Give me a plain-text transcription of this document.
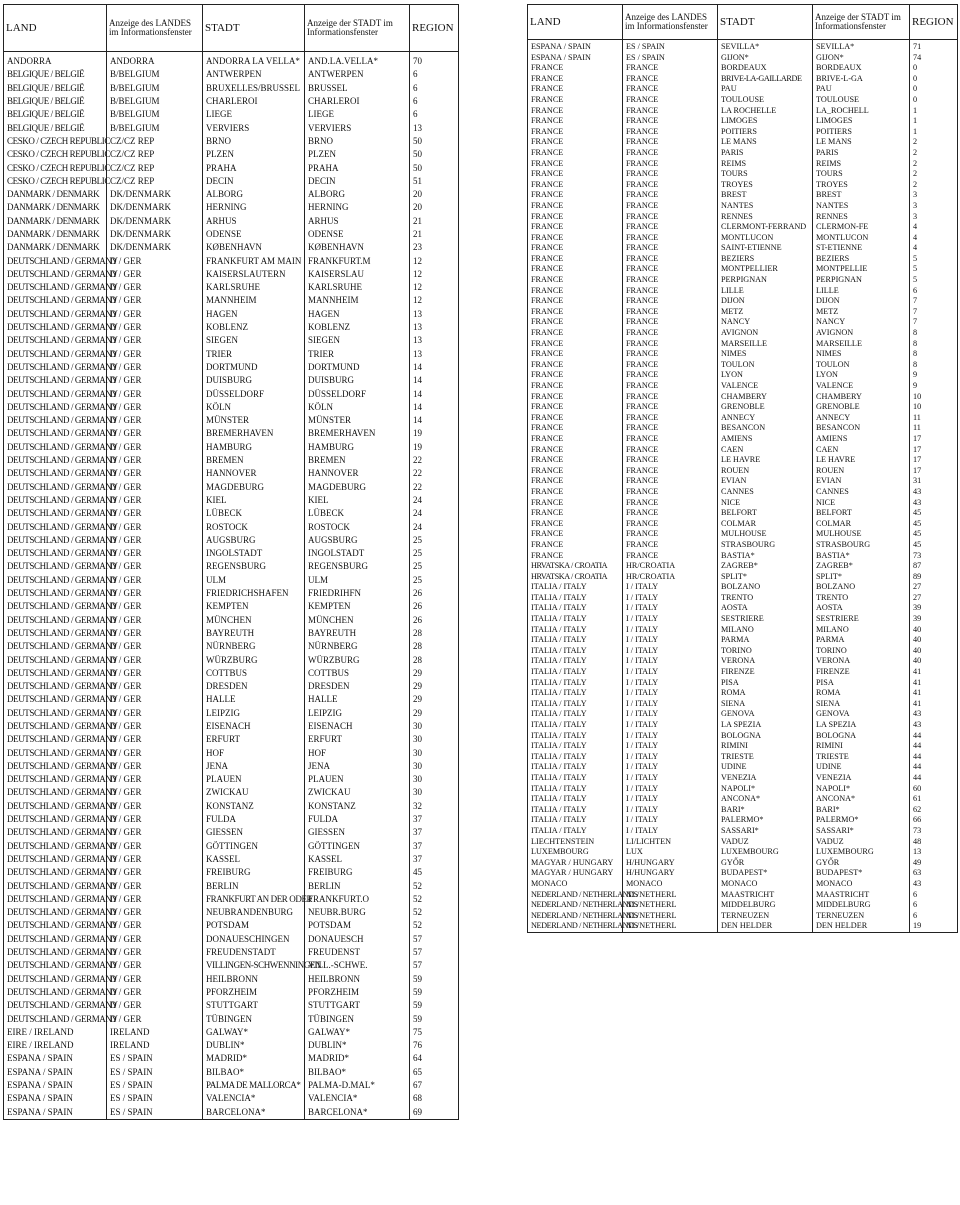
LAND	Anzeige des LANDES im Informationsfenster	STADT	Anzeige der STADT im Informationsfenster	REGION
ANDORRA	ANDORRA	ANDORRA LA VELLA*	AND.LA.VELLA*	70
BELGIQUE / BELGIË	B/BELGIUM	ANTWERPEN	ANTWERPEN	6
BELGIQUE / BELGIË	B/BELGIUM	BRUXELLES/BRUSSEL	BRUSSEL	6
BELGIQUE / BELGIË	B/BELGIUM	CHARLEROI	CHARLEROI	6
BELGIQUE / BELGIË	B/BELGIUM	LIEGE	LIEGE	6
BELGIQUE / BELGIË	B/BELGIUM	VERVIERS	VERVIERS	13
CESKO / CZECH REPUBLIC	CZ/CZ REP	BRNO	BRNO	50
CESKO / CZECH REPUBLIC	CZ/CZ REP	PLZEN	PLZEN	50
CESKO / CZECH REPUBLIC	CZ/CZ REP	PRAHA	PRAHA	50
CESKO / CZECH REPUBLIC	CZ/CZ REP	DECIN	DECIN	51
DANMARK / DENMARK	DK/DENMARK	ALBORG	ALBORG	20
DANMARK / DENMARK	DK/DENMARK	HERNING	HERNING	20
DANMARK / DENMARK	DK/DENMARK	ARHUS	ARHUS	21
DANMARK / DENMARK	DK/DENMARK	ODENSE	ODENSE	21
DANMARK / DENMARK	DK/DENMARK	KØBENHAVN	KØBENHAVN	23
DEUTSCHLAND / GERMANY	D / GER	FRANKFURT AM MAIN	FRANKFURT.M	12
DEUTSCHLAND / GERMANY	D / GER	KAISERSLAUTERN	KAISERSLAU	12
DEUTSCHLAND / GERMANY	D / GER	KARLSRUHE	KARLSRUHE	12
DEUTSCHLAND / GERMANY	D / GER	MANNHEIM	MANNHEIM	12
DEUTSCHLAND / GERMANY	D / GER	HAGEN	HAGEN	13
DEUTSCHLAND / GERMANY	D / GER	KOBLENZ	KOBLENZ	13
DEUTSCHLAND / GERMANY	D / GER	SIEGEN	SIEGEN	13
DEUTSCHLAND / GERMANY	D / GER	TRIER	TRIER	13
DEUTSCHLAND / GERMANY	D / GER	DORTMUND	DORTMUND	14
DEUTSCHLAND / GERMANY	D / GER	DUISBURG	DUISBURG	14
DEUTSCHLAND / GERMANY	D / GER	DÜSSELDORF	DÜSSELDORF	14
DEUTSCHLAND / GERMANY	D / GER	KÖLN	KÖLN	14
DEUTSCHLAND / GERMANY	D / GER	MÜNSTER	MÜNSTER	14
DEUTSCHLAND / GERMANY	D / GER	BREMERHAVEN	BREMERHAVEN	19
DEUTSCHLAND / GERMANY	D / GER	HAMBURG	HAMBURG	19
DEUTSCHLAND / GERMANY	D / GER	BREMEN	BREMEN	22
DEUTSCHLAND / GERMANY	D / GER	HANNOVER	HANNOVER	22
DEUTSCHLAND / GERMANY	D / GER	MAGDEBURG	MAGDEBURG	22
DEUTSCHLAND / GERMANY	D / GER	KIEL	KIEL	24
DEUTSCHLAND / GERMANY	D / GER	LÜBECK	LÜBECK	24
DEUTSCHLAND / GERMANY	D / GER	ROSTOCK	ROSTOCK	24
DEUTSCHLAND / GERMANY	D / GER	AUGSBURG	AUGSBURG	25
DEUTSCHLAND / GERMANY	D / GER	INGOLSTADT	INGOLSTADT	25
DEUTSCHLAND / GERMANY	D / GER	REGENSBURG	REGENSBURG	25
DEUTSCHLAND / GERMANY	D / GER	ULM	ULM	25
DEUTSCHLAND / GERMANY	D / GER	FRIEDRICHSHAFEN	FRIEDRIHFN	26
DEUTSCHLAND / GERMANY	D / GER	KEMPTEN	KEMPTEN	26
DEUTSCHLAND / GERMANY	D / GER	MÜNCHEN	MÜNCHEN	26
DEUTSCHLAND / GERMANY	D / GER	BAYREUTH	BAYREUTH	28
DEUTSCHLAND / GERMANY	D / GER	NÜRNBERG	NÜRNBERG	28
DEUTSCHLAND / GERMANY	D / GER	WÜRZBURG	WÜRZBURG	28
DEUTSCHLAND / GERMANY	D / GER	COTTBUS	COTTBUS	29
DEUTSCHLAND / GERMANY	D / GER	DRESDEN	DRESDEN	29
DEUTSCHLAND / GERMANY	D / GER	HALLE	HALLE	29
DEUTSCHLAND / GERMANY	D / GER	LEIPZIG	LEIPZIG	29
DEUTSCHLAND / GERMANY	D / GER	EISENACH	EISENACH	30
DEUTSCHLAND / GERMANY	D / GER	ERFURT	ERFURT	30
DEUTSCHLAND / GERMANY	D / GER	HOF	HOF	30
DEUTSCHLAND / GERMANY	D / GER	JENA	JENA	30
DEUTSCHLAND / GERMANY	D / GER	PLAUEN	PLAUEN	30
DEUTSCHLAND / GERMANY	D / GER	ZWICKAU	ZWICKAU	30
DEUTSCHLAND / GERMANY	D / GER	KONSTANZ	KONSTANZ	32
DEUTSCHLAND / GERMANY	D / GER	FULDA	FULDA	37
DEUTSCHLAND / GERMANY	D / GER	GIESSEN	GIESSEN	37
DEUTSCHLAND / GERMANY	D / GER	GÖTTINGEN	GÖTTINGEN	37
DEUTSCHLAND / GERMANY	D / GER	KASSEL	KASSEL	37
DEUTSCHLAND / GERMANY	D / GER	FREIBURG	FREIBURG	45
DEUTSCHLAND / GERMANY	D / GER	BERLIN	BERLIN	52
DEUTSCHLAND / GERMANY	D / GER	FRANKFURT AN DER ODER	FRANKFURT.O	52
DEUTSCHLAND / GERMANY	D / GER	NEUBRANDENBURG	NEUBR.BURG	52
DEUTSCHLAND / GERMANY	D / GER	POTSDAM	POTSDAM	52
DEUTSCHLAND / GERMANY	D / GER	DONAUESCHINGEN	DONAUESCH	57
DEUTSCHLAND / GERMANY	D / GER	FREUDENSTADT	FREUDENST	57
DEUTSCHLAND / GERMANY	D / GER	VILLINGEN-SCHWENNINGEN	VILL.-SCHWE.	57
DEUTSCHLAND / GERMANY	D / GER	HEILBRONN	HEILBRONN	59
DEUTSCHLAND / GERMANY	D / GER	PFORZHEIM	PFORZHEIM	59
DEUTSCHLAND / GERMANY	D / GER	STUTTGART	STUTTGART	59
DEUTSCHLAND / GERMANY	D / GER	TÜBINGEN	TÜBINGEN	59
EIRE / IRELAND	IRELAND	GALWAY*	GALWAY*	75
EIRE / IRELAND	IRELAND	DUBLIN*	DUBLIN*	76
ESPANA / SPAIN	ES / SPAIN	MADRID*	MADRID*	64
ESPANA / SPAIN	ES / SPAIN	BILBAO*	BILBAO*	65
ESPANA / SPAIN	ES / SPAIN	PALMA DE MALLORCA*	PALMA-D.MAL*	67
ESPANA / SPAIN	ES / SPAIN	VALENCIA*	VALENCIA*	68
ESPANA / SPAIN	ES / SPAIN	BARCELONA*	BARCELONA*	69
LAND	Anzeige des LANDES im Informationsfenster	STADT	Anzeige der STADT im Informationsfenster	REGION
ESPANA / SPAIN	ES / SPAIN	SEVILLA*	SEVILLA*	71
ESPANA / SPAIN	ES / SPAIN	GIJON*	GIJON*	74
FRANCE	FRANCE	BORDEAUX	BORDEAUX	0
FRANCE	FRANCE	BRIVE-LA-GAILLARDE	BRIVE-L-GA	0
FRANCE	FRANCE	PAU	PAU	0
FRANCE	FRANCE	TOULOUSE	TOULOUSE	0
FRANCE	FRANCE	LA ROCHELLE	LA_ROCHELL	1
FRANCE	FRANCE	LIMOGES	LIMOGES	1
FRANCE	FRANCE	POITIERS	POITIERS	1
FRANCE	FRANCE	LE MANS	LE MANS	2
FRANCE	FRANCE	PARIS	PARIS	2
FRANCE	FRANCE	REIMS	REIMS	2
FRANCE	FRANCE	TOURS	TOURS	2
FRANCE	FRANCE	TROYES	TROYES	2
FRANCE	FRANCE	BREST	BREST	3
FRANCE	FRANCE	NANTES	NANTES	3
FRANCE	FRANCE	RENNES	RENNES	3
FRANCE	FRANCE	CLERMONT-FERRAND	CLERMON-FE	4
FRANCE	FRANCE	MONTLUCON	MONTLUCON	4
FRANCE	FRANCE	SAINT-ETIENNE	ST-ETIENNE	4
FRANCE	FRANCE	BEZIERS	BEZIERS	5
FRANCE	FRANCE	MONTPELLIER	MONTPELLIE	5
FRANCE	FRANCE	PERPIGNAN	PERPIGNAN	5
FRANCE	FRANCE	LILLE	LILLE	6
FRANCE	FRANCE	DIJON	DIJON	7
FRANCE	FRANCE	METZ	METZ	7
FRANCE	FRANCE	NANCY	NANCY	7
FRANCE	FRANCE	AVIGNON	AVIGNON	8
FRANCE	FRANCE	MARSEILLE	MARSEILLE	8
FRANCE	FRANCE	NIMES	NIMES	8
FRANCE	FRANCE	TOULON	TOULON	8
FRANCE	FRANCE	LYON	LYON	9
FRANCE	FRANCE	VALENCE	VALENCE	9
FRANCE	FRANCE	CHAMBERY	CHAMBERY	10
FRANCE	FRANCE	GRENOBLE	GRENOBLE	10
FRANCE	FRANCE	ANNECY	ANNECY	11
FRANCE	FRANCE	BESANCON	BESANCON	11
FRANCE	FRANCE	AMIENS	AMIENS	17
FRANCE	FRANCE	CAEN	CAEN	17
FRANCE	FRANCE	LE HAVRE	LE HAVRE	17
FRANCE	FRANCE	ROUEN	ROUEN	17
FRANCE	FRANCE	EVIAN	EVIAN	31
FRANCE	FRANCE	CANNES	CANNES	43
FRANCE	FRANCE	NICE	NICE	43
FRANCE	FRANCE	BELFORT	BELFORT	45
FRANCE	FRANCE	COLMAR	COLMAR	45
FRANCE	FRANCE	MULHOUSE	MULHOUSE	45
FRANCE	FRANCE	STRASBOURG	STRASBOURG	45
FRANCE	FRANCE	BASTIA*	BASTIA*	73
HRVATSKA / CROATIA	HR/CROATIA	ZAGREB*	ZAGREB*	87
HRVATSKA / CROATIA	HR/CROATIA	SPLIT*	SPLIT*	89
ITALIA / ITALY	I / ITALY	BOLZANO	BOLZANO	27
ITALIA / ITALY	I / ITALY	TRENTO	TRENTO	27
ITALIA / ITALY	I / ITALY	AOSTA	AOSTA	39
ITALIA / ITALY	I / ITALY	SESTRIERE	SESTRIERE	39
ITALIA / ITALY	I / ITALY	MILANO	MILANO	40
ITALIA / ITALY	I / ITALY	PARMA	PARMA	40
ITALIA / ITALY	I / ITALY	TORINO	TORINO	40
ITALIA / ITALY	I / ITALY	VERONA	VERONA	40
ITALIA / ITALY	I / ITALY	FIRENZE	FIRENZE	41
ITALIA / ITALY	I / ITALY	PISA	PISA	41
ITALIA / ITALY	I / ITALY	ROMA	ROMA	41
ITALIA / ITALY	I / ITALY	SIENA	SIENA	41
ITALIA / ITALY	I / ITALY	GENOVA	GENOVA	43
ITALIA / ITALY	I / ITALY	LA SPEZIA	LA SPEZIA	43
ITALIA / ITALY	I / ITALY	BOLOGNA	BOLOGNA	44
ITALIA / ITALY	I / ITALY	RIMINI	RIMINI	44
ITALIA / ITALY	I / ITALY	TRIESTE	TRIESTE	44
ITALIA / ITALY	I / ITALY	UDINE	UDINE	44
ITALIA / ITALY	I / ITALY	VENEZIA	VENEZIA	44
ITALIA / ITALY	I / ITALY	NAPOLI*	NAPOLI*	60
ITALIA / ITALY	I / ITALY	ANCONA*	ANCONA*	61
ITALIA / ITALY	I / ITALY	BARI*	BARI*	62
ITALIA / ITALY	I / ITALY	PALERMO*	PALERMO*	66
ITALIA / ITALY	I / ITALY	SASSARI*	SASSARI*	73
LIECHTENSTEIN	LI/LICHTEN	VADUZ	VADUZ	48
LUXEMBOURG	LUX	LUXEMBOURG	LUXEMBOURG	13
MAGYAR / HUNGARY	H/HUNGARY	GYŐR	GYŐR	49
MAGYAR / HUNGARY	H/HUNGARY	BUDAPEST*	BUDAPEST*	63
MONACO	MONACO	MONACO	MONACO	43
NEDERLAND / NETHERLANDS	NL/NETHERL	MAASTRICHT	MAASTRICHT	6
NEDERLAND / NETHERLANDS	NL/NETHERL	MIDDELBURG	MIDDELBURG	6
NEDERLAND / NETHERLANDS	NL/NETHERL	TERNEUZEN	TERNEUZEN	6
NEDERLAND / NETHERLANDS	NL/NETHERL	DEN HELDER	DEN HELDER	19
